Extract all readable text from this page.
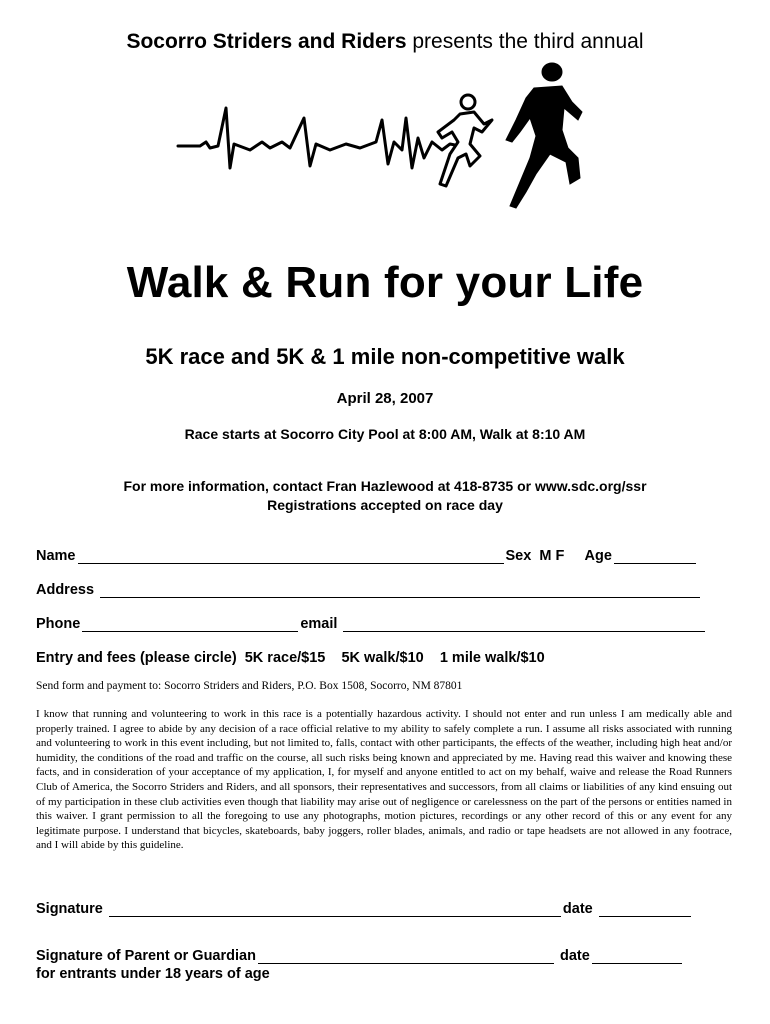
Socorro Striders and Riders presents the third annual
Walk & Run for your Life
5K race and 5K & 1 mile non-competitive walk
April 28, 2007
Race starts at Socorro City Pool at 8:00 AM, Walk at 8:10 AM
For more information, contact Fran Hazlewood at 418-8735 or www.sdc.org/ssr
Registrations accepted on race day
Name	Sex  M F Age
Address
Phone	email
Entry and fees (please circle) 5K race/$15 5K walk/$10 1 mile walk/$10
Send form and payment to: Socorro Striders and Riders, P.O. Box 1508, Socorro, NM 87801
I know that running and volunteering to work in this race is a potentially hazardous activity. I should not enter and run unless I am medically able and properly trained. I agree to abide by any decision of a race official relative to my ability to safely complete a run. I assume all risks associated with running and volunteering to work in this event including, but not limited to, falls, contact with other participants, the effects of the weather, including high heat and/or humidity, the conditions of the road and traffic on the course, all such risks being known and appreciated by me. Having read this waiver and knowing these facts, and in consideration of your acceptance of my application, I, for myself and anyone entitled to act on my behalf, waive and release the Road Runners Club of America, the Socorro Striders and Riders, and all sponsors, their representatives and successors, from all claims or liabilities of any kind ensuing out of my participation in these club activities even though that liability may arise out of negligence or carelessness on the part of the persons or entities named in this waiver. I grant permission to all the foregoing to use any photographs, motion pictures, recordings or any other record of this or any event for any legitimate purpose. I understand that bicycles, skateboards, baby joggers, roller blades, animals, and radio or tape headsets are not allowed in any footrace, and I will abide by this guideline.
Signature	date
Signature of Parent or Guardian	date
for entrants under 18 years of age
